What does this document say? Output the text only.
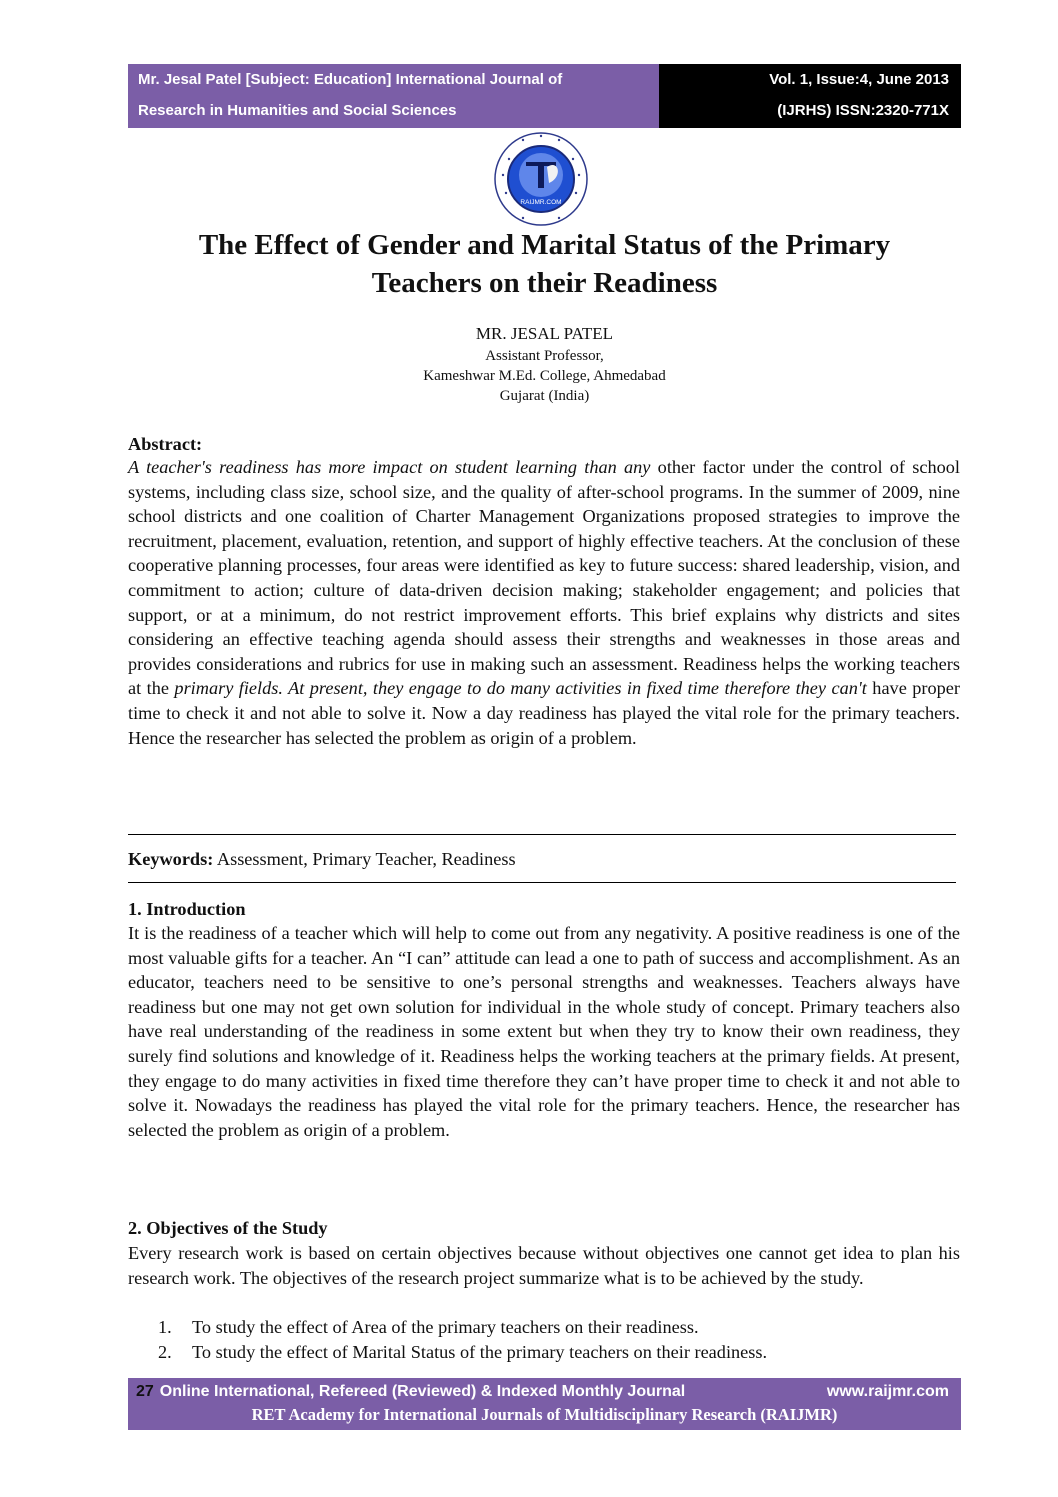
Mr. Jesal Patel [Subject: Education] International Journal of
Research in Humanities and Social Sciences
Vol. 1, Issue:4, June 2013
(IJRHS) ISSN:2320-771X
RAIJMR.COM
The Effect of Gender and Marital Status of the Primary
Teachers on their Readiness
MR. JESAL PATEL
Assistant Professor,
Kameshwar M.Ed. College, Ahmedabad
Gujarat (India)
Abstract:
A teacher's readiness has more impact on student learning than any other factor under the control of school systems, including class size, school size, and the quality of after-school programs. In the summer of 2009, nine school districts and one coalition of Charter Management Organizations proposed strategies to improve the recruitment, placement, evaluation, retention, and support of highly effective teachers. At the conclusion of these cooperative planning processes, four areas were identified as key to future success: shared leadership, vision, and commitment to action; culture of data-driven decision making; stakeholder engagement; and policies that support, or at a minimum, do not restrict improvement efforts. This brief explains why districts and sites considering an effective teaching agenda should assess their strengths and weaknesses in those areas and provides considerations and rubrics for use in making such an assessment. Readiness helps the working teachers at the primary fields. At present, they engage to do many activities in fixed time therefore they can't have proper time to check it and not able to solve it. Now a day readiness has played the vital role for the primary teachers. Hence the researcher has selected the problem as origin of a problem.
Keywords: Assessment, Primary Teacher, Readiness
1. Introduction
It is the readiness of a teacher which will help to come out from any negativity. A positive readiness is one of the most valuable gifts for a teacher. An “I can” attitude can lead a one to path of success and accomplishment. As an educator, teachers need to be sensitive to one’s personal strengths and weaknesses. Teachers always have readiness but one may not get own solution for individual in the whole study of concept. Primary teachers also have real understanding of the readiness in some extent but when they try to know their own readiness, they surely find solutions and knowledge of it. Readiness helps the working teachers at the primary fields. At present, they engage to do many activities in fixed time therefore they can’t have proper time to check it and not able to solve it. Nowadays the readiness has played the vital role for the primary teachers. Hence, the researcher has selected the problem as origin of a problem.
2. Objectives of the Study
Every research work is based on certain objectives because without objectives one cannot get idea to plan his research work. The objectives of the research project summarize what is to be achieved by the study.
1. To study the effect of Area of the primary teachers on their readiness.
2. To study the effect of Marital Status of the primary teachers on their readiness.
27 Online International, Refereed (Reviewed) & Indexed Monthly Journal	www.raijmr.com
RET Academy for International Journals of Multidisciplinary Research (RAIJMR)
